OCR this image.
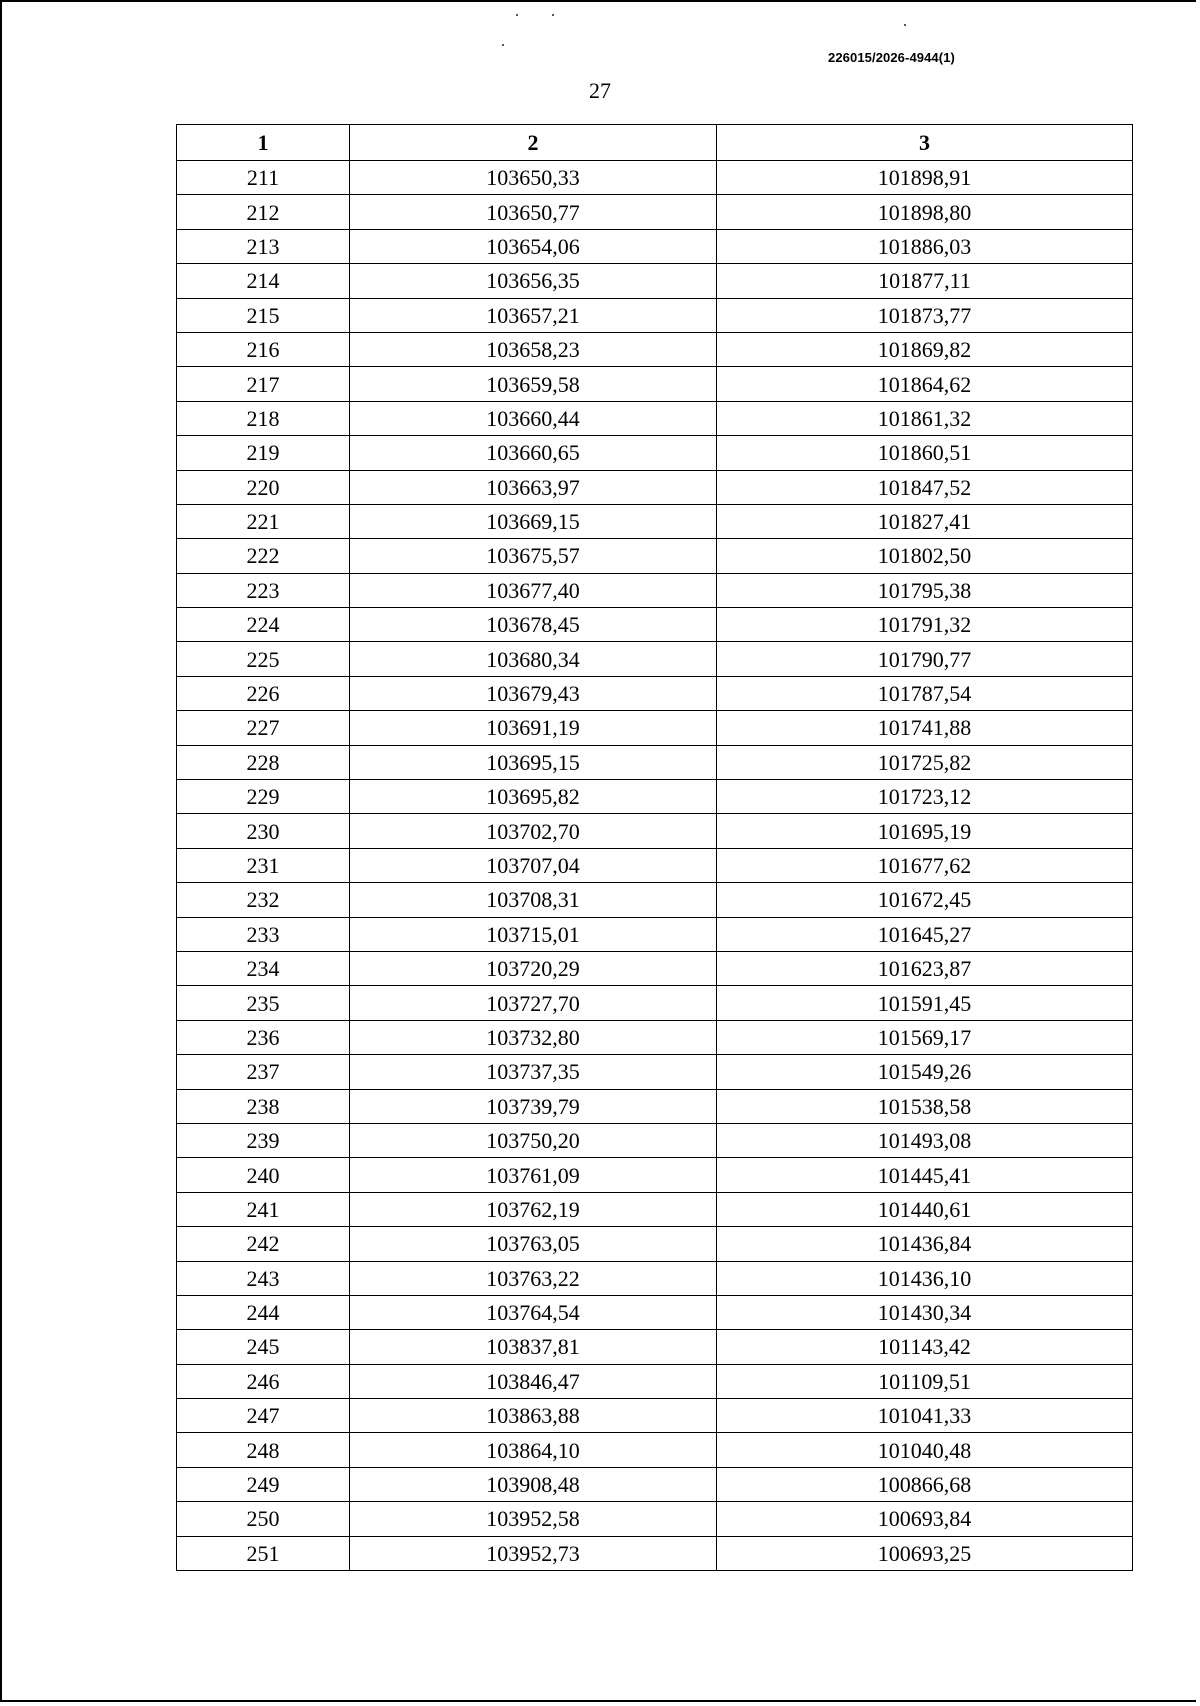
226015/2026-4944(1)
27
1	2	3
211	103650,33	101898,91
212	103650,77	101898,80
213	103654,06	101886,03
214	103656,35	101877,11
215	103657,21	101873,77
216	103658,23	101869,82
217	103659,58	101864,62
218	103660,44	101861,32
219	103660,65	101860,51
220	103663,97	101847,52
221	103669,15	101827,41
222	103675,57	101802,50
223	103677,40	101795,38
224	103678,45	101791,32
225	103680,34	101790,77
226	103679,43	101787,54
227	103691,19	101741,88
228	103695,15	101725,82
229	103695,82	101723,12
230	103702,70	101695,19
231	103707,04	101677,62
232	103708,31	101672,45
233	103715,01	101645,27
234	103720,29	101623,87
235	103727,70	101591,45
236	103732,80	101569,17
237	103737,35	101549,26
238	103739,79	101538,58
239	103750,20	101493,08
240	103761,09	101445,41
241	103762,19	101440,61
242	103763,05	101436,84
243	103763,22	101436,10
244	103764,54	101430,34
245	103837,81	101143,42
246	103846,47	101109,51
247	103863,88	101041,33
248	103864,10	101040,48
249	103908,48	100866,68
250	103952,58	100693,84
251	103952,73	100693,25
